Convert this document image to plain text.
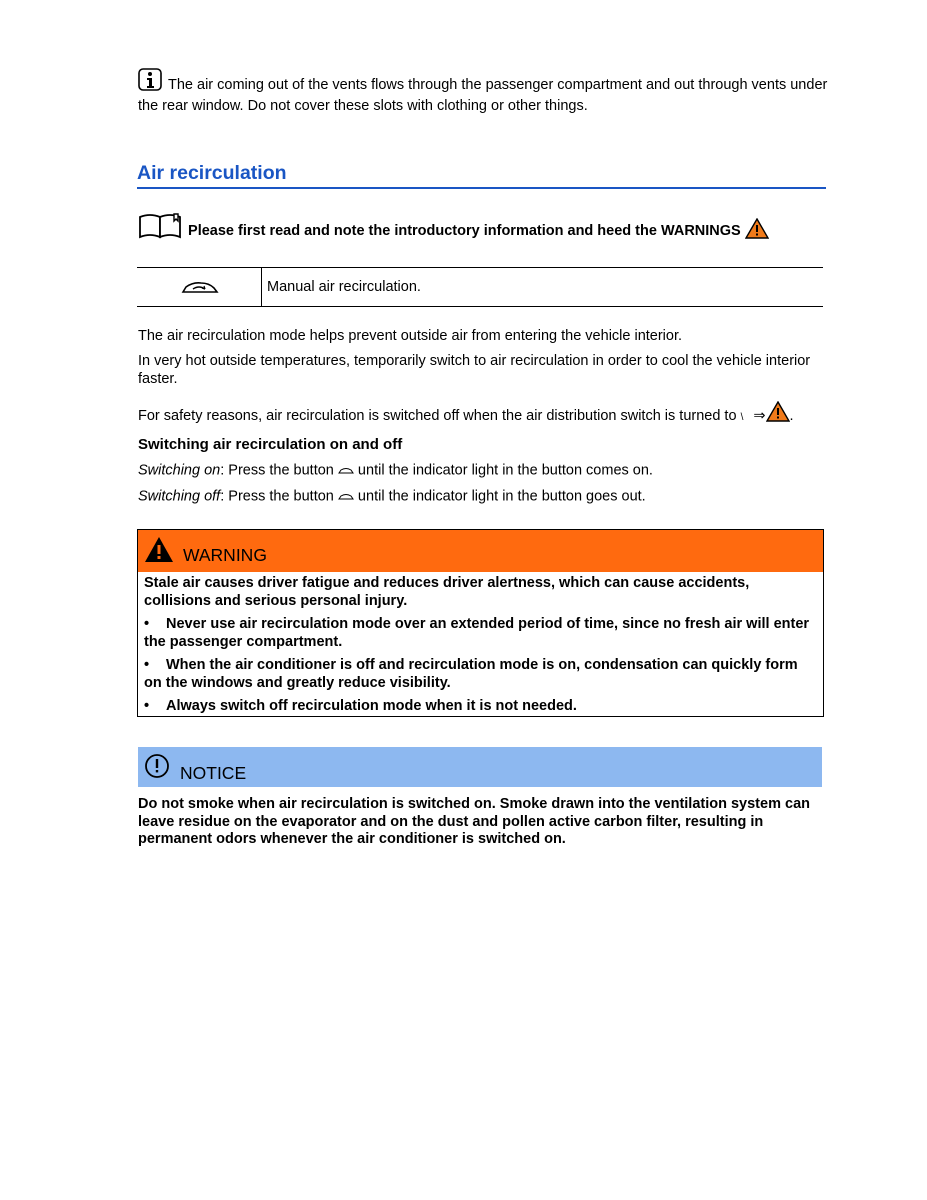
The air coming out of the vents flows through the passenger compartment and out through vents under the rear window. Do not cover these slots with clothing or other things.
Air recirculation
Please first read and note the introductory information and heed the WARNINGS
Manual air recirculation.
The air recirculation mode helps prevent outside air from entering the vehicle interior.
In very hot outside temperatures, temporarily switch to air recirculation in order to cool the vehicle interior faster.
For safety reasons, air recirculation is switched off when the air distribution switch is turned to \ ⇒ .
Switching air recirculation on and off
Switching on: Press the button  until the indicator light in the button comes on.
Switching off: Press the button  until the indicator light in the button goes out.
WARNING

Stale air causes driver fatigue and reduces driver alertness, which can cause accidents, collisions and serious personal injury.

• Never use air recirculation mode over an extended period of time, since no fresh air will enter the passenger compartment.

• When the air conditioner is off and recirculation mode is on, condensation can quickly form on the windows and greatly reduce visibility.

• Always switch off recirculation mode when it is not needed.

NOTICE
Do not smoke when air recirculation is switched on. Smoke drawn into the ventilation system can leave residue on the evaporator and on the dust and pollen active carbon filter, resulting in permanent odors whenever the air conditioner is switched on.
